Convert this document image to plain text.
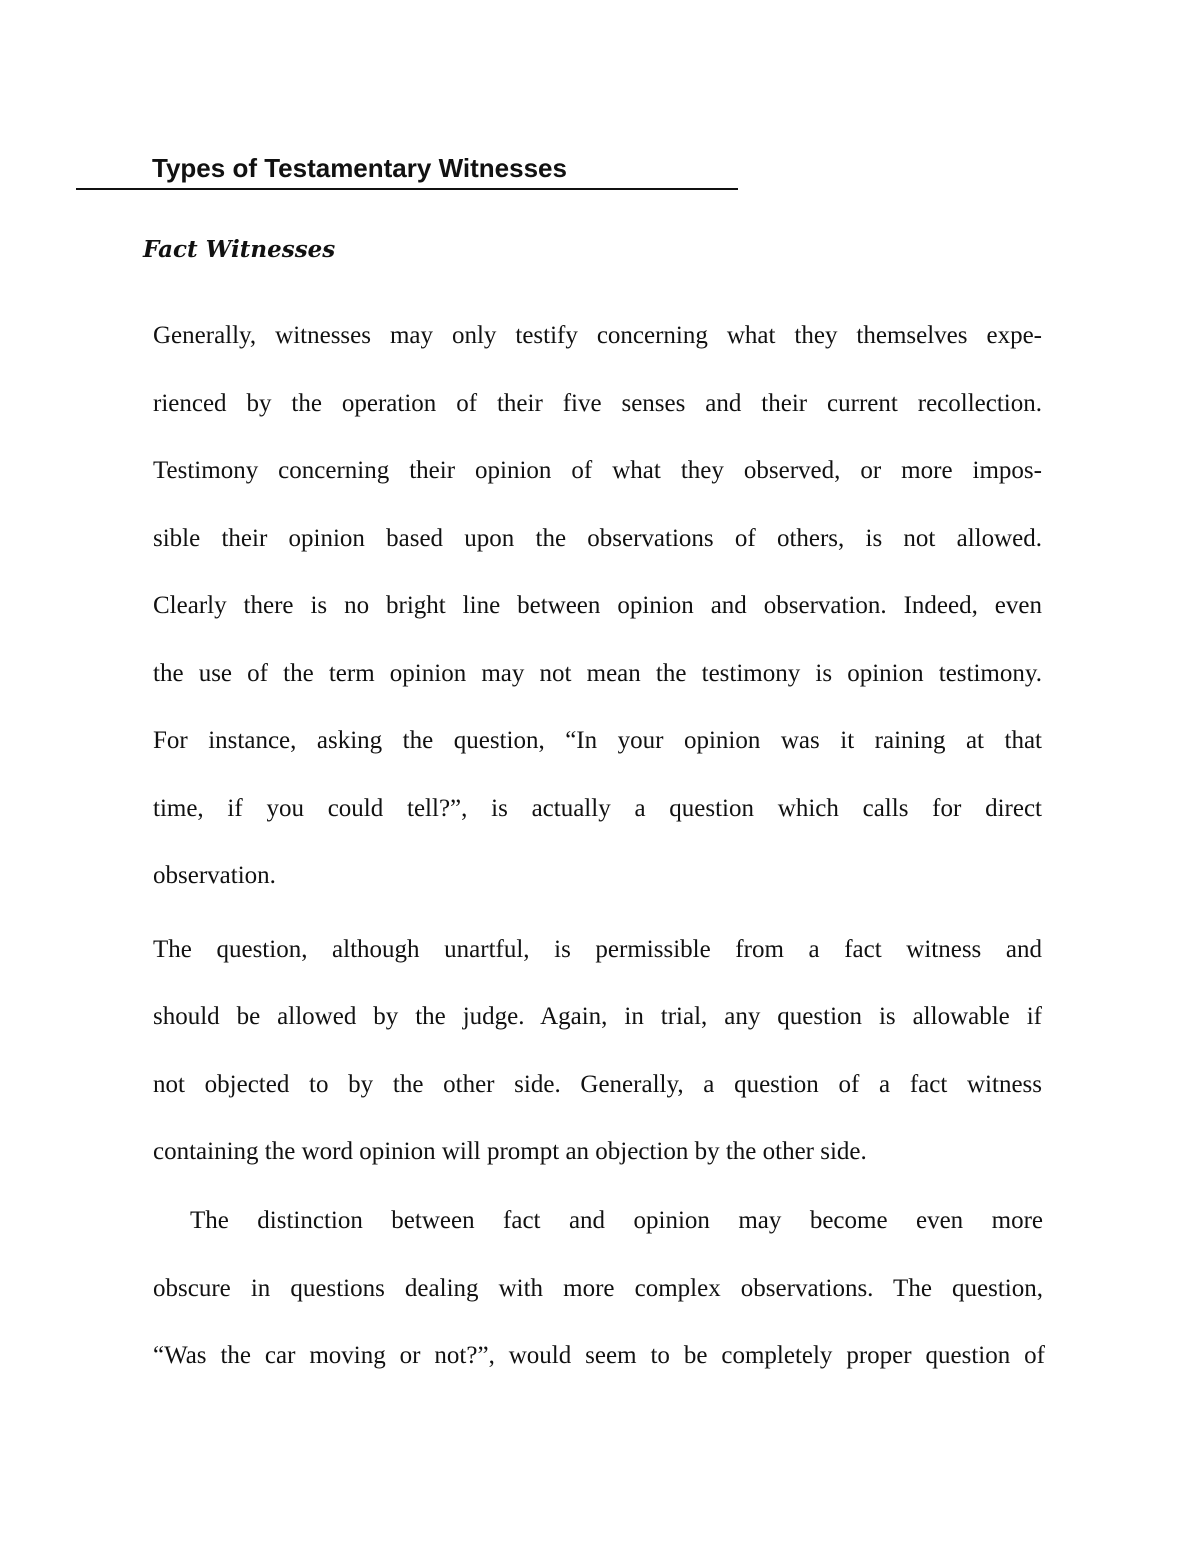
Types of Testamentary Witnesses
Fact Witnesses

Generally, witnesses may only testify concerning what they themselves expe-

rienced by the operation of their five senses and their current recollection.

Testimony concerning their opinion of what they observed, or more impos-

sible their opinion based upon the observations of others, is not allowed.

Clearly there is no bright line between opinion and observation. Indeed, even

the use of the term opinion may not mean the testimony is opinion testimony.

For instance, asking the question, “In your opinion was it raining at that

time, if you could tell?”, is actually a question which calls for direct

observation.

The question, although unartful, is permissible from a fact witness and

should be allowed by the judge. Again, in trial, any question is allowable if

not objected to by the other side. Generally, a question of a fact witness

containing the word opinion will prompt an objection by the other side.

The distinction between fact and opinion may become even more

obscure in questions dealing with more complex observations. The question,

“Was the car moving or not?”, would seem to be completely proper question of
